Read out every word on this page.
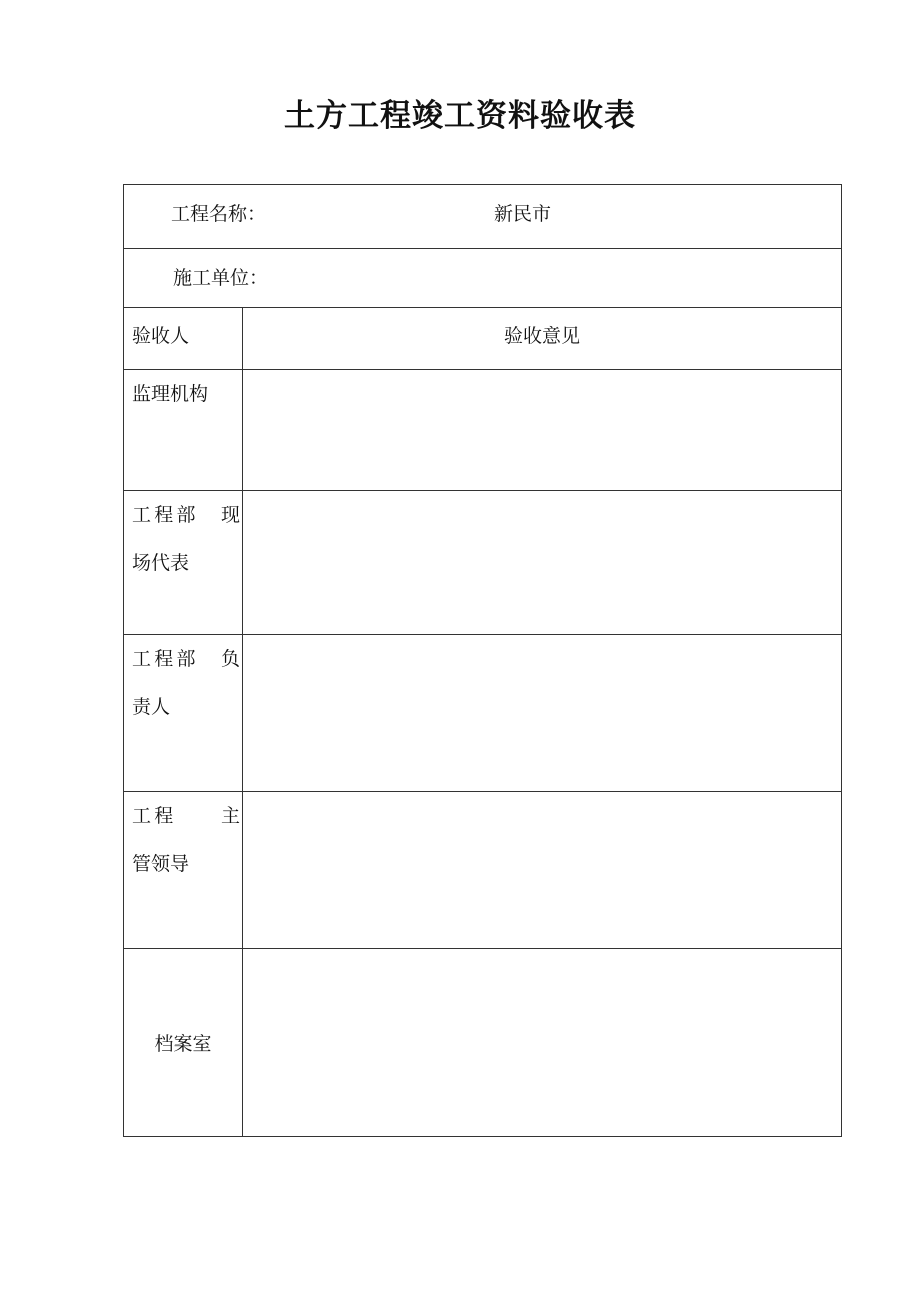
土方工程竣工资料验收表
工程名称： 新民市	

施工单位：	

验收人	验收意见

监理机构	

工程部　现
场代表	

工程部　负
责人	

工程　　主
管领导	

档案室	
